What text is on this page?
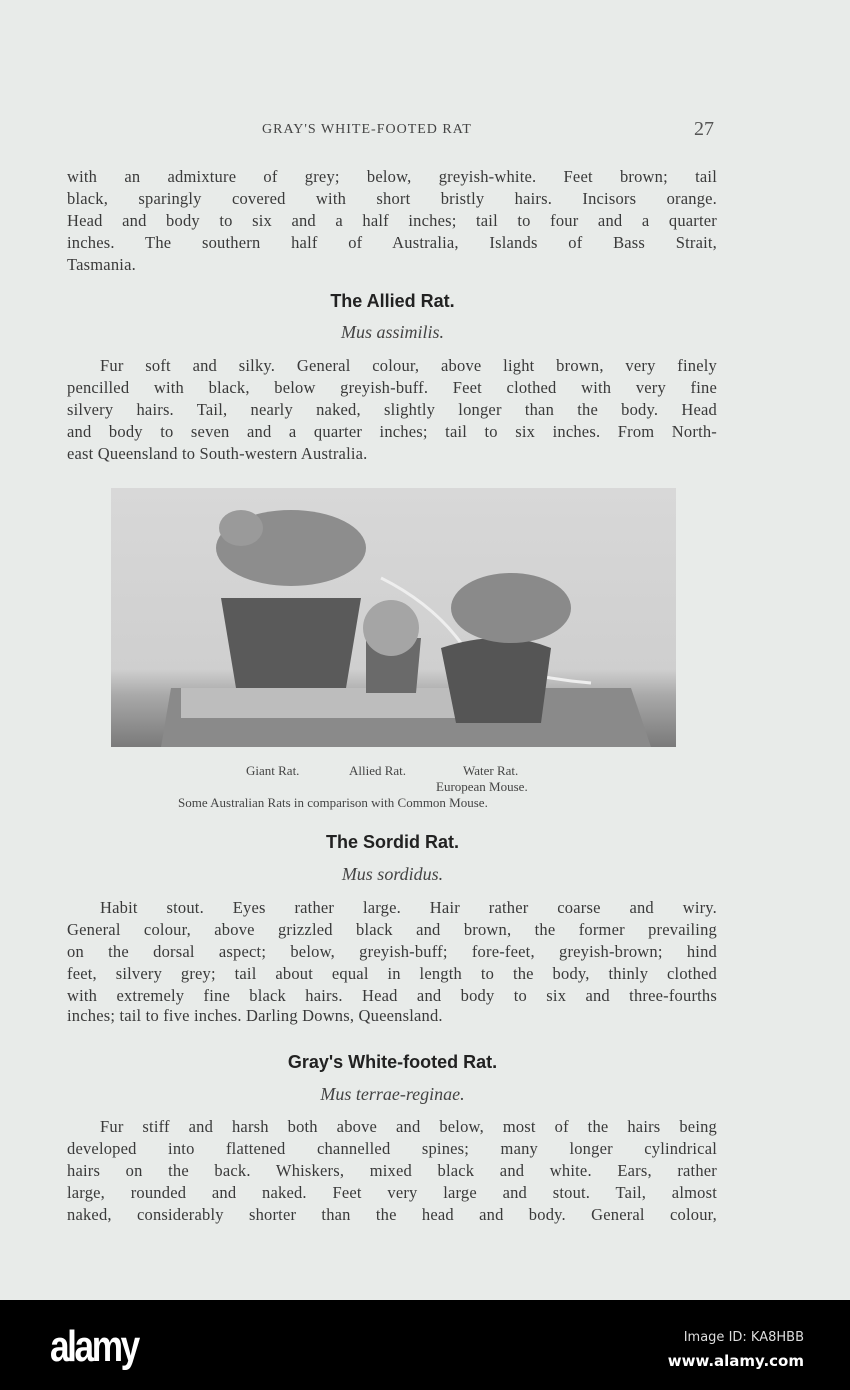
GRAY'S WHITE-FOOTED RAT	27
with an admixture of grey; below, greyish-white. Feet brown; tail
black, sparingly covered with short bristly hairs. Incisors orange.
Head and body to six and a half inches; tail to four and a quarter
inches. The southern half of Australia, Islands of Bass Strait,
Tasmania.
The Allied Rat.
Mus assimilis.
Fur soft and silky. General colour, above light brown, very finely
pencilled with black, below greyish-buff. Feet clothed with very fine
silvery hairs. Tail, nearly naked, slightly longer than the body. Head
and body to seven and a quarter inches; tail to six inches. From North-
east Queensland to South-western Australia.
Giant Rat.	Allied Rat.	Water Rat.
European Mouse.
Some Australian Rats in comparison with Common Mouse.
The Sordid Rat.
Mus sordidus.
Habit stout. Eyes rather large. Hair rather coarse and wiry.
General colour, above grizzled black and brown, the former prevailing
on the dorsal aspect; below, greyish-buff; fore-feet, greyish-brown; hind
feet, silvery grey; tail about equal in length to the body, thinly clothed
with extremely fine black hairs. Head and body to six and three-fourths
inches; tail to five inches. Darling Downs, Queensland.
Gray's White-footed Rat.
Mus terrae-reginae.
Fur stiff and harsh both above and below, most of the hairs being
developed into flattened channelled spines; many longer cylindrical
hairs on the back. Whiskers, mixed black and white. Ears, rather
large, rounded and naked. Feet very large and stout. Tail, almost
naked, considerably shorter than the head and body. General colour,
alamy	Image ID: KA8HBB
www.alamy.com
